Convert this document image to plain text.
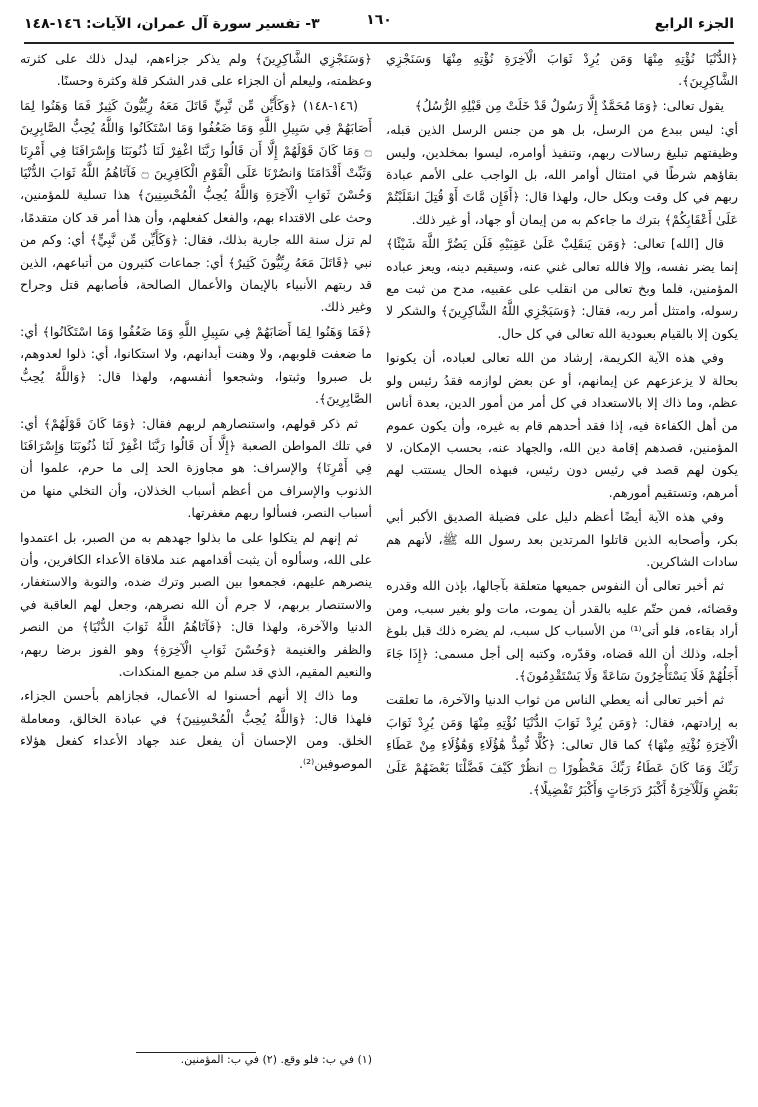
الجزء الرابع
١٦٠
٣- تفسير سورة آل عمران، الآيات: ١٤٦-١٤٨

﴿الدُّنْيَا نُؤْتِهِ مِنْهَا وَمَن يُرِدْ ثَوَابَ الْآخِرَةِ نُؤْتِهِ مِنْهَا وَسَنَجْزِي الشَّاكِرِينَ﴾.

يقول تعالى: ﴿وَمَا مُحَمَّدٌ إِلَّا رَسُولٌ قَدْ خَلَتْ مِن قَبْلِهِ الرُّسُلُ﴾

أي: ليس ببدع من الرسل، بل هو من جنس الرسل الذين قبله، وظيفتهم تبليغ رسالات ربهم، وتنفيذ أوامره، ليسوا بمخلدين، وليس بقاؤهم شرطًا في امتثال أوامر الله، بل الواجب على الأمم عبادة ربهم في كل وقت وبكل حال، ولهذا قال: ﴿أَفَإِن مَّاتَ أَوْ قُتِلَ انقَلَبْتُمْ عَلَىٰ أَعْقَابِكُمْ﴾ بترك ما جاءكم به من إيمان أو جهاد، أو غير ذلك.

قال [الله] تعالى: ﴿وَمَن يَنقَلِبْ عَلَىٰ عَقِبَيْهِ فَلَن يَضُرَّ اللَّهَ شَيْئًا﴾ إنما يضر نفسه، وإلا فالله تعالى غني عنه، وسيقيم دينه، ويعز عباده المؤمنين، فلما وبخ تعالى من انقلب على عقبيه، مدح من ثبت مع رسوله، وامتثل أمر ربه، فقال: ﴿وَسَيَجْزِي اللَّهُ الشَّاكِرِينَ﴾ والشكر لا يكون إلا بالقيام بعبودية الله تعالى في كل حال.

وفي هذه الآية الكريمة، إرشاد من الله تعالى لعباده، أن يكونوا بحالة لا يزعزعهم عن إيمانهم، أو عن بعض لوازمه فقدُ رئيس ولو عظم، وما ذاك إلا بالاستعداد في كل أمر من أمور الدين، بعدة أناس من أهل الكفاءة فيه، إذا فقد أحدهم قام به غيره، وأن يكون عموم المؤمنين، قصدهم إقامة دين الله، والجهاد عنه، بحسب الإمكان، لا يكون لهم قصد في رئيس دون رئيس، فبهذه الحال يستتب لهم أمرهم، وتستقيم أمورهم.

وفي هذه الآية أيضًا أعظم دليل على فضيلة الصديق الأكبر أبي بكر، وأصحابه الذين قاتلوا المرتدين بعد رسول الله ﷺ، لأنهم هم سادات الشاكرين.

ثم أخبر تعالى أن النفوس جميعها متعلقة بآجالها، بإذن الله وقدره وقضائه، فمن حتّم عليه بالقدر أن يموت، مات ولو بغير سبب، ومن أراد بقاءه، فلو أتى⁽¹⁾ من الأسباب كل سبب، لم يضره ذلك قبل بلوغ أجله، وذلك أن الله قضاه، وقدّره، وكتبه إلى أجل مسمى: ﴿إِذَا جَاءَ أَجَلُهُمْ فَلَا يَسْتَأْخِرُونَ سَاعَةً وَلَا يَسْتَقْدِمُونَ﴾.

ثم أخبر تعالى أنه يعطي الناس من ثواب الدنيا والآخرة، ما تعلقت به إرادتهم، فقال: ﴿وَمَن يُرِدْ ثَوَابَ الدُّنْيَا نُؤْتِهِ مِنْهَا وَمَن يُرِدْ ثَوَابَ الْآخِرَةِ نُؤْتِهِ مِنْهَا﴾ كما قال تعالى: ﴿كُلًّا نُّمِدُّ هَٰؤُلَاءِ وَهَٰؤُلَاءِ مِنْ عَطَاءِ رَبِّكَ وَمَا كَانَ عَطَاءُ رَبِّكَ مَحْظُورًا ۝ انظُرْ كَيْفَ فَضَّلْنَا بَعْضَهُمْ عَلَىٰ بَعْضٍ وَلَلْآخِرَةُ أَكْبَرُ دَرَجَاتٍ وَأَكْبَرُ تَفْضِيلًا﴾.

﴿وَسَنَجْزِي الشَّاكِرِينَ﴾ ولم يذكر جزاءهم، ليدل ذلك على كثرته وعظمته، وليعلم أن الجزاء على قدر الشكر قلة وكثرة وحسنًا.

(١٤٦-١٤٨) ﴿وَكَأَيِّن مِّن نَّبِيٍّ قَاتَلَ مَعَهُ رِبِّيُّونَ كَثِيرٌ فَمَا وَهَنُوا لِمَا أَصَابَهُمْ فِي سَبِيلِ اللَّهِ وَمَا ضَعُفُوا وَمَا اسْتَكَانُوا وَاللَّهُ يُحِبُّ الصَّابِرِينَ ۝ وَمَا كَانَ قَوْلَهُمْ إِلَّا أَن قَالُوا رَبَّنَا اغْفِرْ لَنَا ذُنُوبَنَا وَإِسْرَافَنَا فِي أَمْرِنَا وَثَبِّتْ أَقْدَامَنَا وَانصُرْنَا عَلَى الْقَوْمِ الْكَافِرِينَ ۝ فَآتَاهُمُ اللَّهُ ثَوَابَ الدُّنْيَا وَحُسْنَ ثَوَابِ الْآخِرَةِ وَاللَّهُ يُحِبُّ الْمُحْسِنِينَ﴾ هذا تسلية للمؤمنين، وحث على الاقتداء بهم، والفعل كفعلهم، وأن هذا أمر قد كان متقدمًا، لم تزل سنة الله جارية بذلك، فقال: ﴿وَكَأَيِّن مِّن نَّبِيٍّ﴾ أي: وكم من نبي ﴿قَاتَلَ مَعَهُ رِبِّيُّونَ كَثِيرٌ﴾ أي: جماعات كثيرون من أتباعهم، الذين قد ربتهم الأنبياء بالإيمان والأعمال الصالحة، فأصابهم قتل وجراح وغير ذلك.

﴿فَمَا وَهَنُوا لِمَا أَصَابَهُمْ فِي سَبِيلِ اللَّهِ وَمَا ضَعُفُوا وَمَا اسْتَكَانُوا﴾ أي: ما ضعفت قلوبهم، ولا وهنت أبدانهم، ولا استكانوا، أي: ذلوا لعدوهم، بل صبروا وثبتوا، وشجعوا أنفسهم، ولهذا قال: ﴿وَاللَّهُ يُحِبُّ الصَّابِرِينَ﴾.

ثم ذكر قولهم، واستنصارهم لربهم فقال: ﴿وَمَا كَانَ قَوْلَهُمْ﴾ أي: في تلك المواطن الصعبة ﴿إِلَّا أَن قَالُوا رَبَّنَا اغْفِرْ لَنَا ذُنُوبَنَا وَإِسْرَافَنَا فِي أَمْرِنَا﴾ والإسراف: هو مجاوزة الحد إلى ما حرم، علموا أن الذنوب والإسراف من أعظم أسباب الخذلان، وأن التخلي منها من أسباب النصر، فسألوا ربهم مغفرتها.

ثم إنهم لم يتكلوا على ما بذلوا جهدهم به من الصبر، بل اعتمدوا على الله، وسألوه أن يثبت أقدامهم عند ملاقاة الأعداء الكافرين، وأن ينصرهم عليهم، فجمعوا بين الصبر وترك ضده، والتوبة والاستغفار، والاستنصار بربهم، لا جرم أن الله نصرهم، وجعل لهم العاقبة في الدنيا والآخرة، ولهذا قال: ﴿فَآتَاهُمُ اللَّهُ ثَوَابَ الدُّنْيَا﴾ من النصر والظفر والغنيمة ﴿وَحُسْنَ ثَوَابِ الْآخِرَةِ﴾ وهو الفوز برضا ربهم، والنعيم المقيم، الذي قد سلم من جميع المنكدات.

وما ذاك إلا أنهم أحسنوا له الأعمال، فجازاهم بأحسن الجزاء، فلهذا قال: ﴿وَاللَّهُ يُحِبُّ الْمُحْسِنِينَ﴾ في عبادة الخالق، ومعاملة الخلق. ومن الإحسان أن يفعل عند جهاد الأعداء كفعل هؤلاء الموصوفين⁽²⁾.

(١) في ب: فلو وقع. (٢) في ب: المؤمنين.
